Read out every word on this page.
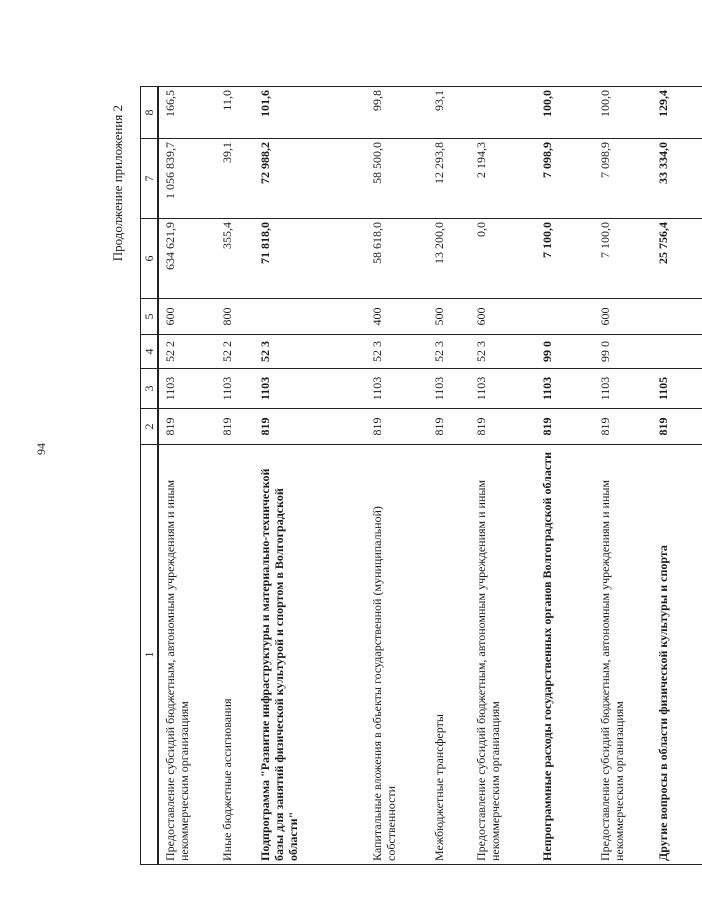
94
Продолжение приложения 2
1	2	3	4	5	6	7	8
Предоставление субсидий бюджетным, автономным учреждениям и иным некоммерческим организациям	819	1103	52 2	600	634 621,9	1 056 839,7	166,5
Иные бюджетные ассигнования	819	1103	52 2	800	355,4	39,1	11,0
Подпрограмма "Развитие инфраструктуры и материально-технической базы для занятий физической культурой и спортом в Волгоградской области"	819	1103	52 3		71 818,0	72 988,2	101,6
Капитальные вложения в объекты государственной (муниципальной) собственности	819	1103	52 3	400	58 618,0	58 500,0	99,8
Межбюджетные трансферты	819	1103	52 3	500	13 200,0	12 293,8	93,1
Предоставление субсидий бюджетным, автономным учреждениям и иным некоммерческим организациям	819	1103	52 3	600	0,0	2 194,3	
Непрограммные расходы государственных органов Волгоградской области	819	1103	99 0		7 100,0	7 098,9	100,0
Предоставление субсидий бюджетным, автономным учреждениям и иным некоммерческим организациям	819	1103	99 0	600	7 100,0	7 098,9	100,0
Другие вопросы в области физической культуры и спорта	819	1105			25 756,4	33 334,0	129,4
